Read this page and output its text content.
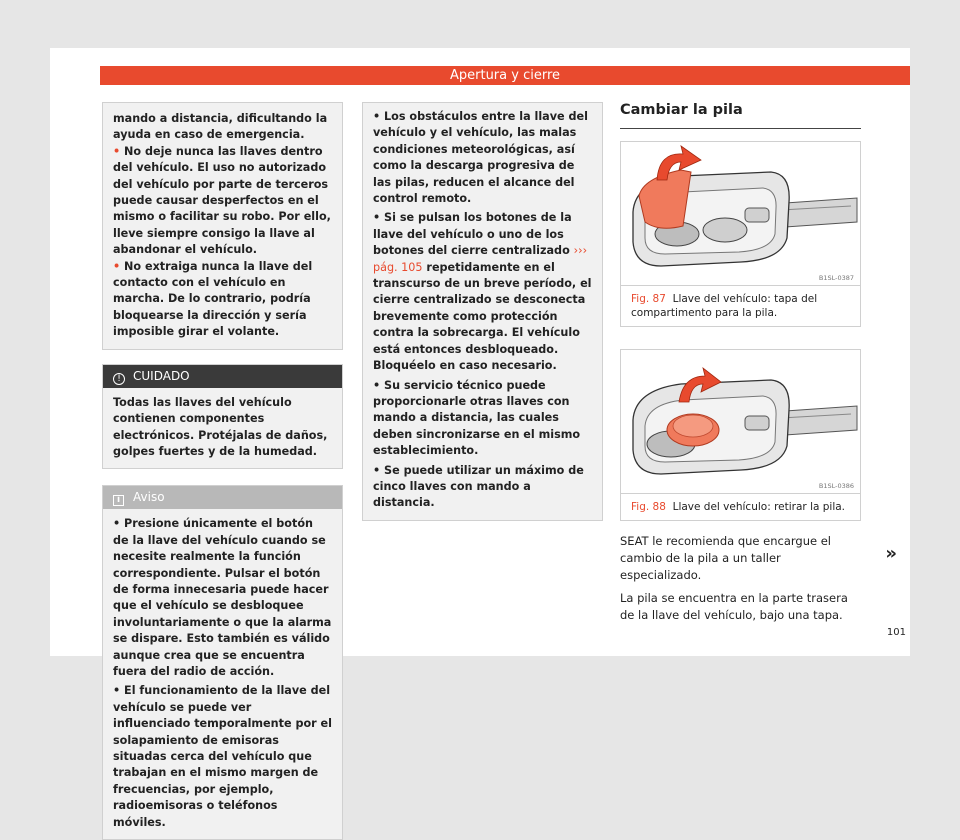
Apertura y cierre

mando a distancia, dificultando la ayuda en caso de emergencia.

• No deje nunca las llaves dentro del vehículo. El uso no autorizado del vehículo por parte de terceros puede causar desperfectos en el mismo o facilitar su robo. Por ello, lleve siempre consigo la llave al abandonar el vehículo.

• No extraiga nunca la llave del contacto con el vehículo en marcha. De lo contrario, podría bloquearse la dirección y sería imposible girar el volante.

! CUIDADO
Todas las llaves del vehículo contienen componentes electrónicos. Protéjalas de daños, golpes fuertes y de la humedad.
i Aviso

• Presione únicamente el botón de la llave del vehículo cuando se necesite realmente la función correspondiente. Pulsar el botón de forma innecesaria puede hacer que el vehículo se desbloquee involuntariamente o que la alarma se dispare. Esto también es válido aunque crea que se encuentra fuera del radio de acción.

• El funcionamiento de la llave del vehículo se puede ver influenciado temporalmente por el solapamiento de emisoras situadas cerca del vehículo que trabajan en el mismo margen de frecuencias, por ejemplo, radioemisoras o teléfonos móviles.

• Los obstáculos entre la llave del vehículo y el vehículo, las malas condiciones meteorológicas, así como la descarga progresiva de las pilas, reducen el alcance del control remoto.

• Si se pulsan los botones de la llave del vehículo o uno de los botones del cierre centralizado ››› pág. 105 repetidamente en el transcurso de un breve período, el cierre centralizado se desconecta brevemente como protección contra la sobrecarga. El vehículo está entonces desbloqueado. Bloquéelo en caso necesario.

• Su servicio técnico puede proporcionarle otras llaves con mando a distancia, las cuales deben sincronizarse en el mismo establecimiento.

• Se puede utilizar un máximo de cinco llaves con mando a distancia.

Cambiar la pila
B1SL-0387
Fig. 87 Llave del vehículo: tapa del compartimento para la pila.
B1SL-0386
Fig. 88 Llave del vehículo: retirar la pila.

SEAT le recomienda que encargue el cambio de la pila a un taller especializado.

La pila se encuentra en la parte trasera de la llave del vehículo, bajo una tapa.

»
101
